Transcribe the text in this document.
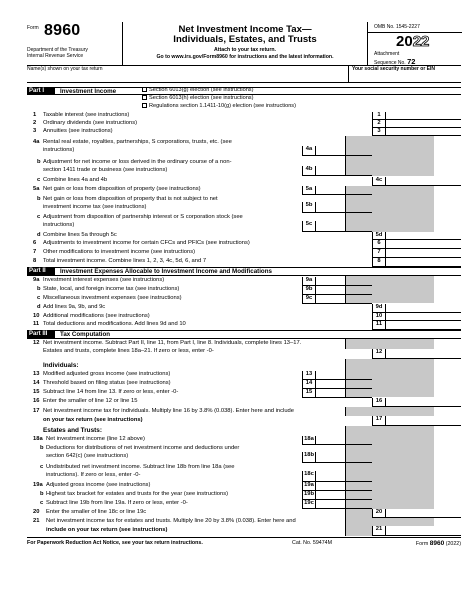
Form 8960
Department of the Treasury
Internal Revenue Service
Net Investment Income Tax—
Individuals, Estates, and Trusts
Attach to your tax return.
Go to www.irs.gov/Form8960 for instructions and the latest information.
OMB No. 1545-2227
2022
Attachment
Sequence No. 72
Name(s) shown on your tax return	Your social security number or EIN
Part I	Investment Income	Section 6013(g) election (see instructions)
Section 6013(h) election (see instructions)
Regulations section 1.1411-10(g) election (see instructions)
1 Taxable interest (see instructions)	1
2 Ordinary dividends (see instructions)	2
3 Annuities (see instructions)	3
4a Rental real estate, royalties, partnerships, S corporations, trusts, etc. (see
instructions)	4a
b Adjustment for net income or loss derived in the ordinary course of a non-
section 1411 trade or business (see instructions)	4b
c Combine lines 4a and 4b	4c
5a Net gain or loss from disposition of property (see instructions)	5a
b Net gain or loss from disposition of property that is not subject to net
investment income tax (see instructions)	5b
c Adjustment from disposition of partnership interest or S corporation stock (see
instructions)	5c
d Combine lines 5a through 5c	5d
6 Adjustments to investment income for certain CFCs and PFICs (see instructions)	6
7 Other modifications to investment income (see instructions)	7
8 Total investment income. Combine lines 1, 2, 3, 4c, 5d, 6, and 7	8
Part II	Investment Expenses Allocable to Investment Income and Modifications
9a Investment interest expenses (see instructions)	9a
b State, local, and foreign income tax (see instructions)	9b
c Miscellaneous investment expenses (see instructions)	9c
d Add lines 9a, 9b, and 9c	9d
10 Additional modifications (see instructions)	10
11 Total deductions and modifications. Add lines 9d and 10	11
Part III	Tax Computation
12 Net investment income. Subtract Part II, line 11, from Part I, line 8. Individuals, complete lines 13–17.
Estates and trusts, complete lines 18a–21. If zero or less, enter -0-	12
Individuals:
13 Modified adjusted gross income (see instructions)	13
14 Threshold based on filing status (see instructions)	14
15 Subtract line 14 from line 13. If zero or less, enter -0-	15
16 Enter the smaller of line 12 or line 15	16
17 Net investment income tax for individuals. Multiply line 16 by 3.8% (0.038). Enter here and include
on your tax return (see instructions)	17
Estates and Trusts:
18a Net investment income (line 12 above)	18a
b Deductions for distributions of net investment income and deductions under
section 642(c) (see instructions)	18b
c Undistributed net investment income. Subtract line 18b from line 18a (see
instructions). If zero or less, enter -0-	18c
19a Adjusted gross income (see instructions)	19a
b Highest tax bracket for estates and trusts for the year (see instructions)	19b
c Subtract line 19b from line 19a. If zero or less, enter -0-	19c
20 Enter the smaller of line 18c or line 19c	20
21 Net investment income tax for estates and trusts. Multiply line 20 by 3.8% (0.038). Enter here and
include on your tax return (see instructions)	21
For Paperwork Reduction Act Notice, see your tax return instructions.	Cat. No. 59474M	Form 8960 (2022)
